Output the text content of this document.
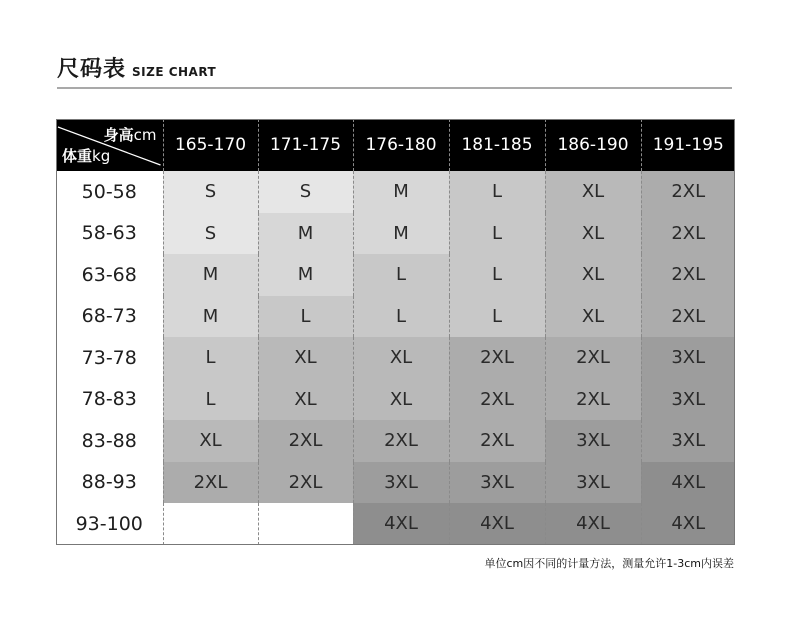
尺码表 SIZE CHART
身高cm
体重kg	165-170	171-175	176-180	181-185	186-190	191-195
50-58	S	S	M	L	XL	2XL
58-63	S	M	M	L	XL	2XL
63-68	M	M	L	L	XL	2XL
68-73	M	L	L	L	XL	2XL
73-78	L	XL	XL	2XL	2XL	3XL
78-83	L	XL	XL	2XL	2XL	3XL
83-88	XL	2XL	2XL	2XL	3XL	3XL
88-93	2XL	2XL	3XL	3XL	3XL	4XL
93-100			4XL	4XL	4XL	4XL
单位cm因不同的计量方法，测量允许1-3cm内误差
